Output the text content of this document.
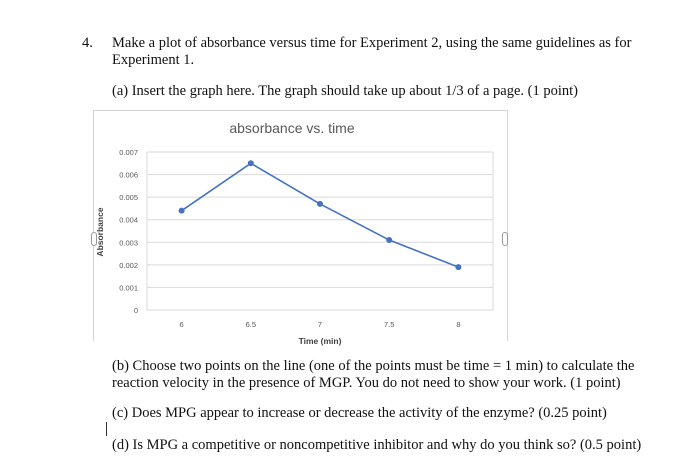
4. Make a plot of absorbance versus time for Experiment 2, using the same guidelines as for Experiment 1.
(a) Insert the graph here. The graph should take up about 1/3 of a page. (1 point)
absorbance vs. time
0
0.001
0.002
0.003
0.004
0.005
0.006
0.007
6	6.5	7	7.5	8
Time (min)
Absorbance
(b) Choose two points on the line (one of the points must be time = 1 min) to calculate the reaction velocity in the presence of MGP. You do not need to show your work. (1 point)
(c) Does MPG appear to increase or decrease the activity of the enzyme? (0.25 point)
(d) Is MPG a competitive or noncompetitive inhibitor and why do you think so? (0.5 point)
